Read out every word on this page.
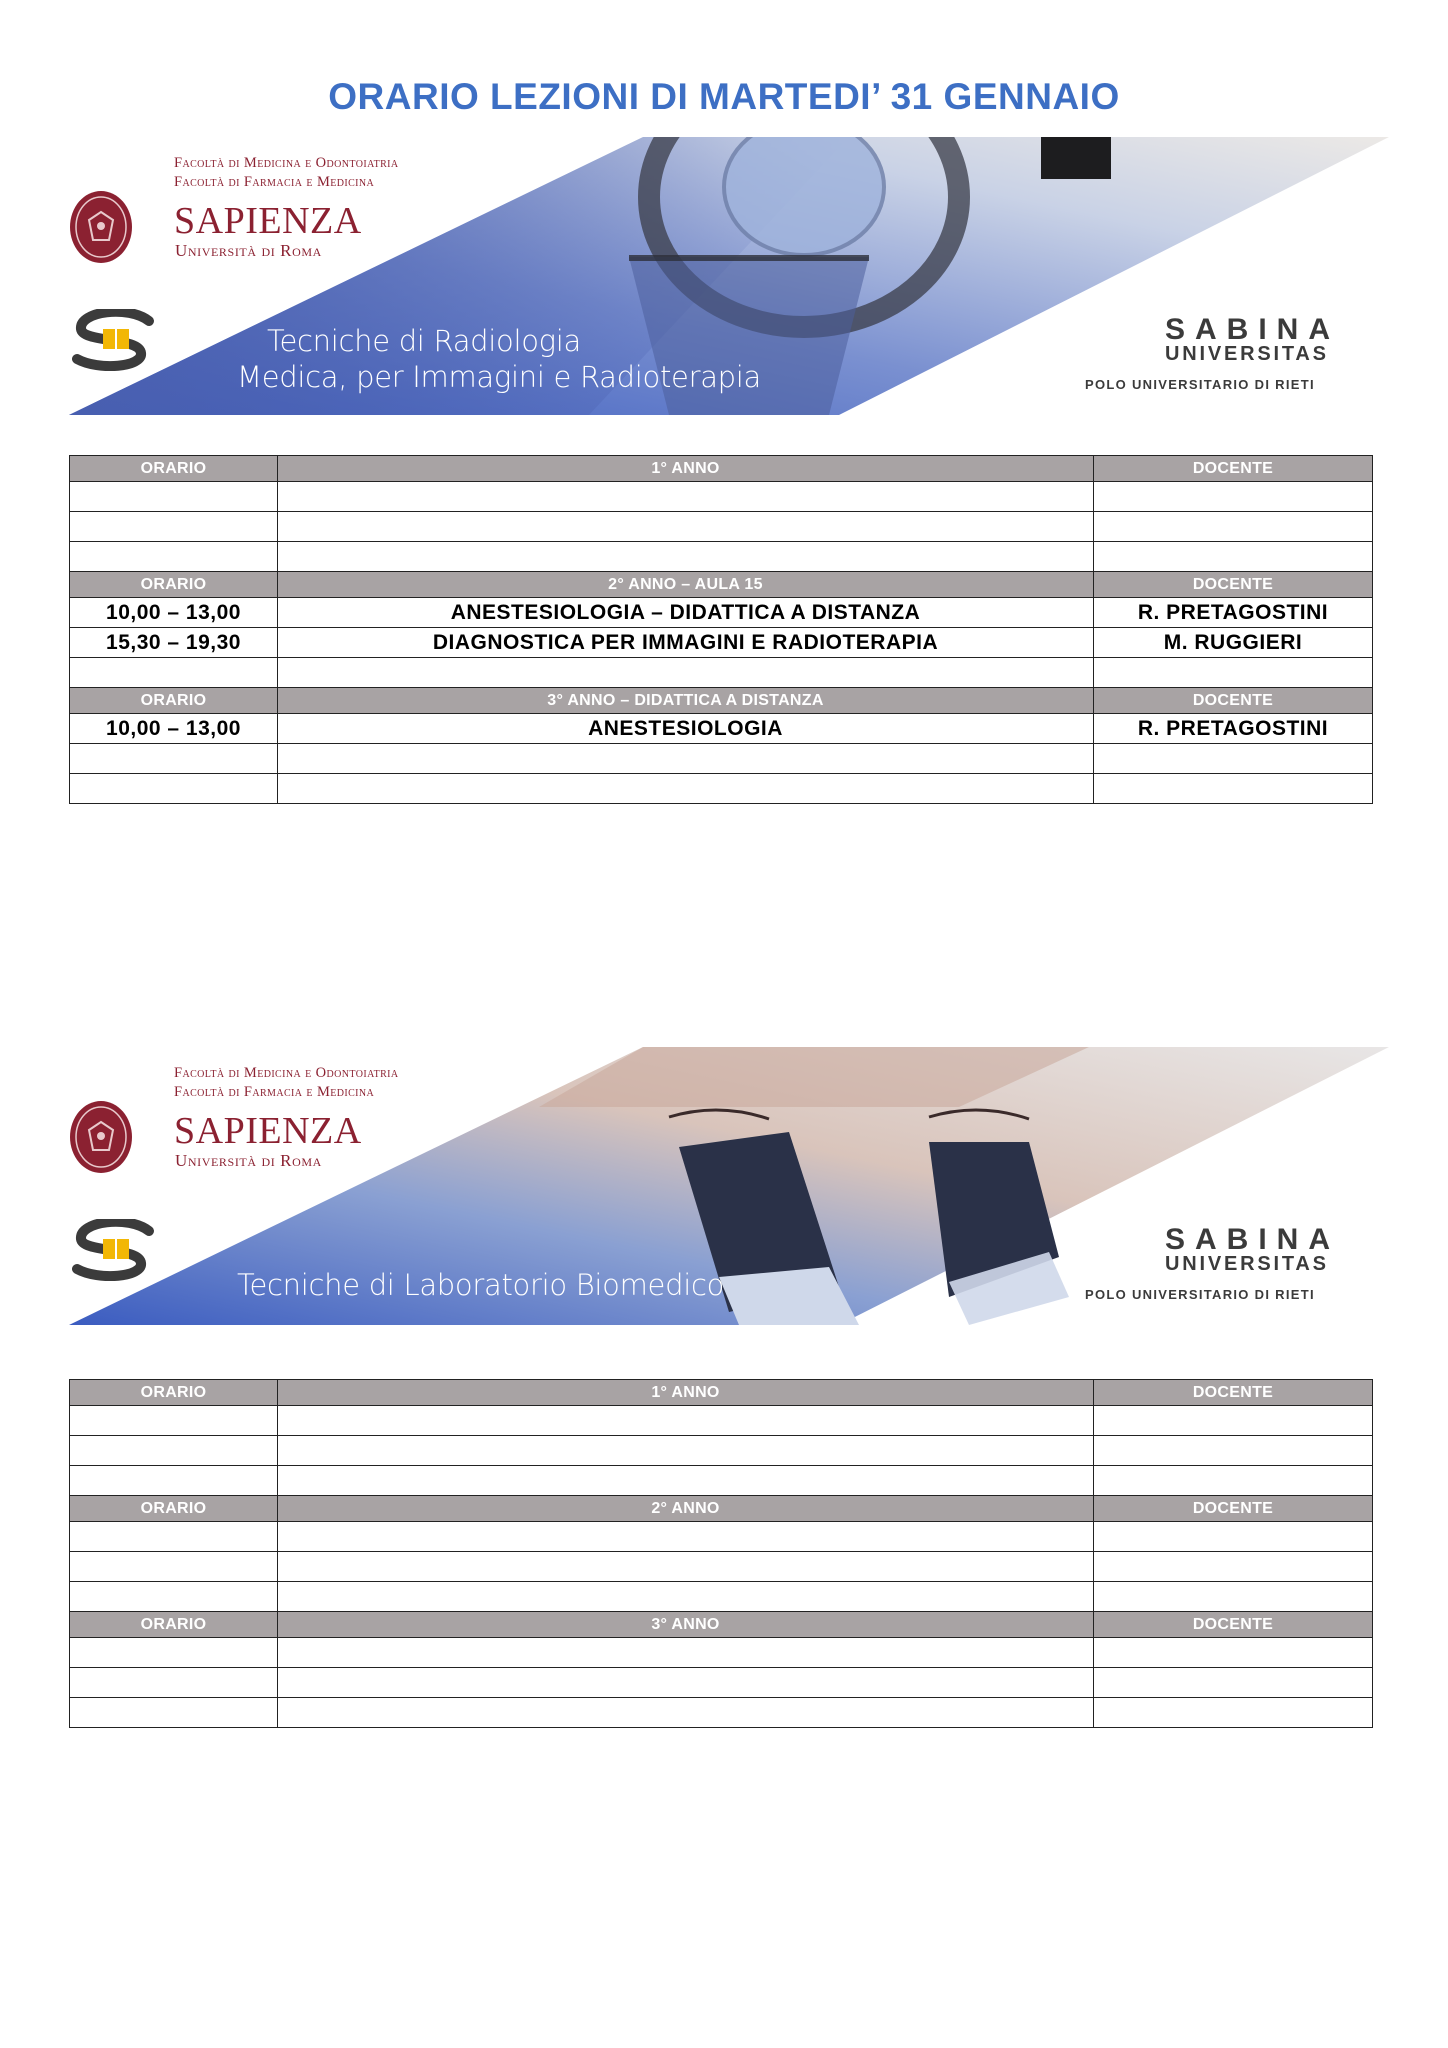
ORARIO LEZIONI DI MARTEDI’ 31 GENNAIO
Facoltà di Medicina e Odontoiatria
Facoltà di Farmacia e Medicina
SAPIENZA
Università di Roma
Tecniche di Radiologia
Medica, per Immagini e Radioterapia
SABINA
UNIVERSITAS
POLO UNIVERSITARIO DI RIETI
ORARIO	1° ANNO	DOCENTE

ORARIO	2° ANNO – AULA 15	DOCENTE
10,00 – 13,00	ANESTESIOLOGIA – DIDATTICA A DISTANZA	R. PRETAGOSTINI
15,30 – 19,30	DIAGNOSTICA PER IMMAGINI E RADIOTERAPIA	M. RUGGIERI

ORARIO	3° ANNO – DIDATTICA A DISTANZA	DOCENTE
10,00 – 13,00	ANESTESIOLOGIA	R. PRETAGOSTINI

Facoltà di Medicina e Odontoiatria
Facoltà di Farmacia e Medicina
SAPIENZA
Università di Roma
Tecniche di Laboratorio Biomedico
SABINA
UNIVERSITAS
POLO UNIVERSITARIO DI RIETI
ORARIO	1° ANNO	DOCENTE

ORARIO	2° ANNO	DOCENTE

ORARIO	3° ANNO	DOCENTE
